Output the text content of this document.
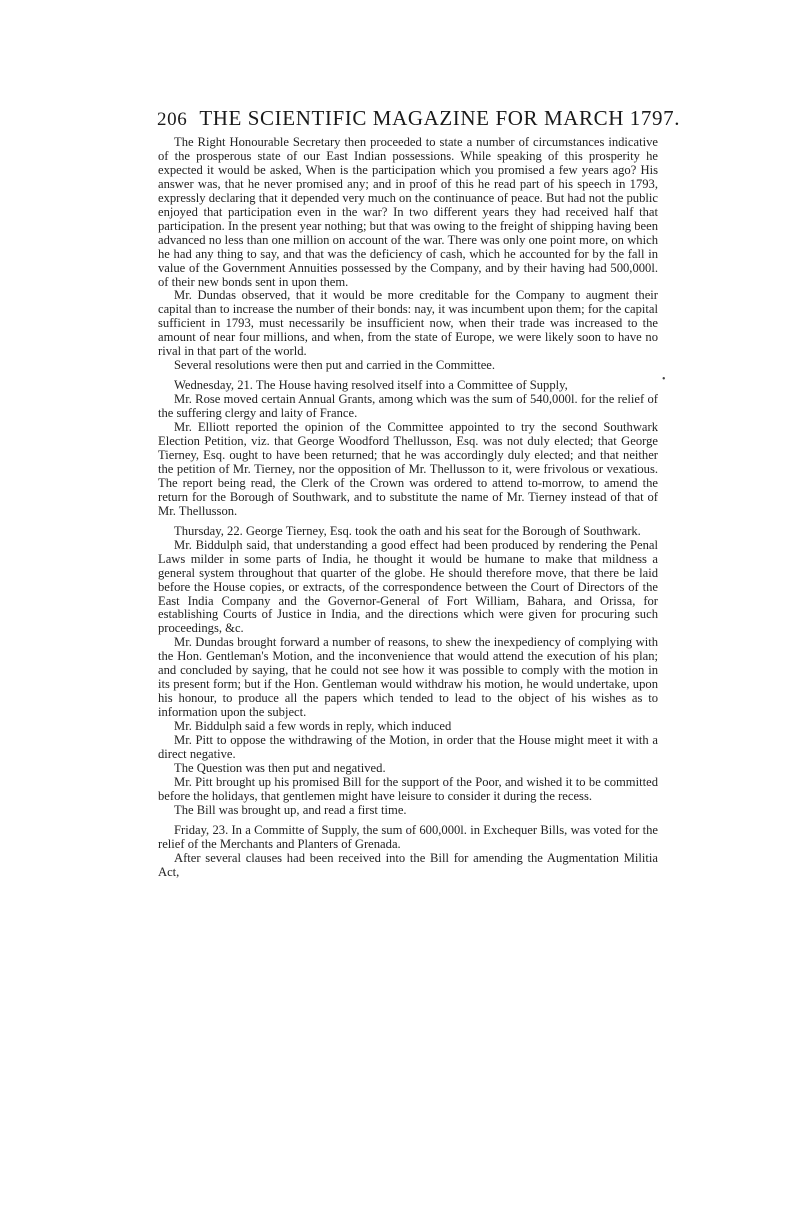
206 THE SCIENTIFIC MAGAZINE FOR MARCH 1797.

The Right Honourable Secretary then proceeded to state a number of circumstances indicative of the prosperous state of our East Indian possessions. While speaking of this prosperity he expected it would be asked, When is the participation which you promised a few years ago? His answer was, that he never promised any; and in proof of this he read part of his speech in 1793, expressly declaring that it depended very much on the continuance of peace. But had not the public enjoyed that participation even in the war? In two different years they had received half that participation. In the present year nothing; but that was owing to the freight of shipping having been advanced no less than one million on account of the war. There was only one point more, on which he had any thing to say, and that was the deficiency of cash, which he accounted for by the fall in value of the Government Annuities possessed by the Company, and by their having had 500,000l. of their new bonds sent in upon them.

Mr. Dundas observed, that it would be more creditable for the Company to augment their capital than to increase the number of their bonds: nay, it was incumbent upon them; for the capital sufficient in 1793, must necessarily be insufficient now, when their trade was increased to the amount of near four millions, and when, from the state of Europe, we were likely soon to have no rival in that part of the world.

Several resolutions were then put and carried in the Committee.

Wednesday, 21. The House having resolved itself into a Committee of Supply,

Mr. Rose moved certain Annual Grants, among which was the sum of 540,000l. for the relief of the suffering clergy and laity of France.

Mr. Elliott reported the opinion of the Committee appointed to try the second Southwark Election Petition, viz. that George Woodford Thellusson, Esq. was not duly elected; that George Tierney, Esq. ought to have been returned; that he was accordingly duly elected; and that neither the petition of Mr. Tierney, nor the opposition of Mr. Thellusson to it, were frivolous or vexatious. The report being read, the Clerk of the Crown was ordered to attend to-morrow, to amend the return for the Borough of Southwark, and to substitute the name of Mr. Tierney instead of that of Mr. Thellusson.

Thursday, 22. George Tierney, Esq. took the oath and his seat for the Borough of Southwark.

Mr. Biddulph said, that understanding a good effect had been produced by rendering the Penal Laws milder in some parts of India, he thought it would be humane to make that mildness a general system throughout that quarter of the globe. He should therefore move, that there be laid before the House copies, or extracts, of the correspondence between the Court of Directors of the East India Company and the Governor-General of Fort William, Bahara, and Orissa, for establishing Courts of Justice in India, and the directions which were given for procuring such proceedings, &c.

Mr. Dundas brought forward a number of reasons, to shew the inexpediency of complying with the Hon. Gentleman's Motion, and the inconvenience that would attend the execution of his plan; and concluded by saying, that he could not see how it was possible to comply with the motion in its present form; but if the Hon. Gentleman would withdraw his motion, he would undertake, upon his honour, to produce all the papers which tended to lead to the object of his wishes as to information upon the subject.

Mr. Biddulph said a few words in reply, which induced

Mr. Pitt to oppose the withdrawing of the Motion, in order that the House might meet it with a direct negative.

The Question was then put and negatived.

Mr. Pitt brought up his promised Bill for the support of the Poor, and wished it to be committed before the holidays, that gentlemen might have leisure to consider it during the recess.

The Bill was brought up, and read a first time.

Friday, 23. In a Committe of Supply, the sum of 600,000l. in Exchequer Bills, was voted for the relief of the Merchants and Planters of Grenada.

After several clauses had been received into the Bill for amending the Augmentation Militia Act,

•
